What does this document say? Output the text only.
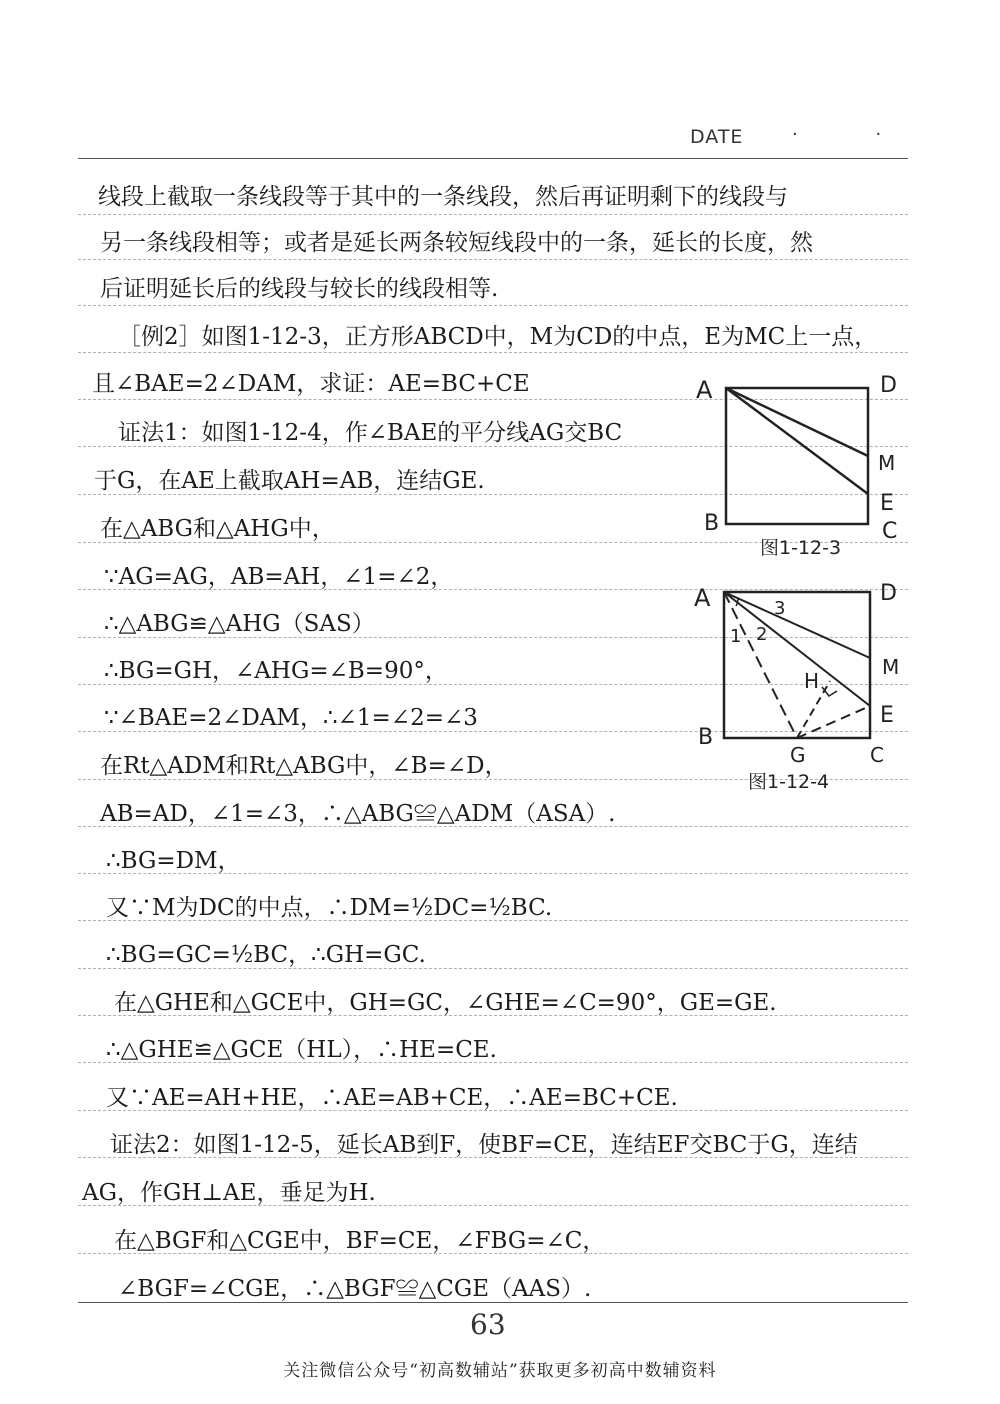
DATE	· ·
线段上截取一条线段等于其中的一条线段，然后再证明剩下的线段与
另一条线段相等；或者是延长两条较短线段中的一条，延长的长度，然
后证明延长后的线段与较长的线段相等.
［例2］如图1-12-3，正方形ABCD中，M为CD的中点，E为MC上一点，
且∠BAE=2∠DAM，求证：AE=BC+CE
证法1：如图1-12-4，作∠BAE的平分线AG交BC
于G，在AE上截取AH=AB，连结GE.
在△ABG和△AHG中，
∵AG=AG，AB=AH，∠1=∠2，
∴△ABG≌△AHG（SAS）
∴BG=GH，∠AHG=∠B=90°，
∵∠BAE=2∠DAM，∴∠1=∠2=∠3
在Rt△ADM和Rt△ABG中，∠B=∠D，
AB=AD，∠1=∠3，∴△ABG≌△ADM（ASA）.
∴BG=DM，
又∵M为DC的中点，∴DM=½DC=½BC.
∴BG=GC=½BC，∴GH=GC.
在△GHE和△GCE中，GH=GC，∠GHE=∠C=90°，GE=GE.
∴△GHE≌△GCE（HL），∴HE=CE.
又∵AE=AH+HE，∴AE=AB+CE，∴AE=BC+CE.
证法2：如图1-12-5，延长AB到F，使BF=CE，连结EF交BC于G，连结
AG，作GH⊥AE，垂足为H.
在△BGF和△CGE中，BF=CE，∠FBG=∠C，
∠BGF=∠CGE，∴△BGF≌△CGE（AAS）.
A	D
M
E
B	C
图1-12-3
A	D
M
E
B
G	C
H
1 2
3
图1-12-4
63
关注微信公众号“初高数辅站”获取更多初高中数辅资料
